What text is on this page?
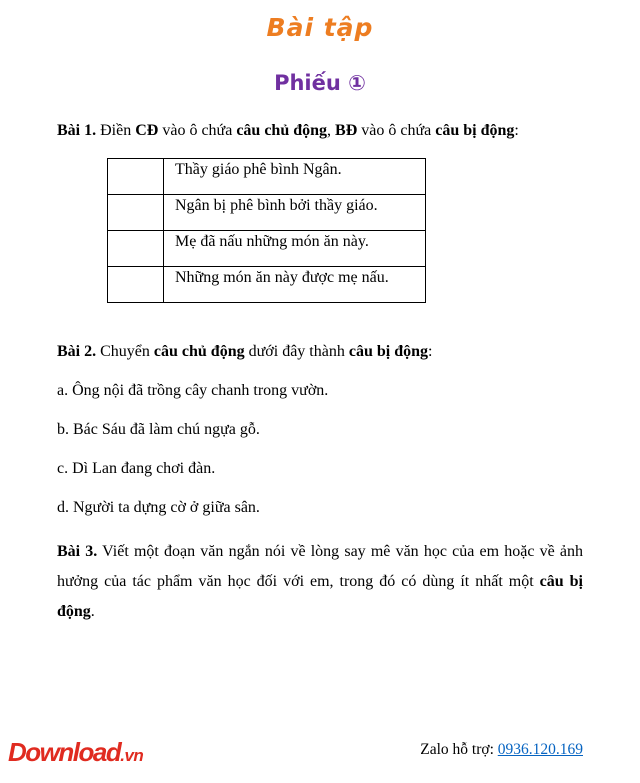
Bài tập
Phiếu ①

Bài 1. Điền CĐ vào ô chứa câu chủ động, BĐ vào ô chứa câu bị động:

	Thầy giáo phê bình Ngân.
	Ngân bị phê bình bởi thầy giáo.
	Mẹ đã nấu những món ăn này.
	Những món ăn này được mẹ nấu.

Bài 2. Chuyển câu chủ động dưới đây thành câu bị động:

a. Ông nội đã trồng cây chanh trong vườn.

b. Bác Sáu đã làm chú ngựa gỗ.

c. Dì Lan đang chơi đàn.

d. Người ta dựng cờ ở giữa sân.

Bài 3. Viết một đoạn văn ngắn nói về lòng say mê văn học của em hoặc về ảnh hưởng của tác phẩm văn học đối với em, trong đó có dùng ít nhất một câu bị động.

Download.vn	Zalo hỗ trợ: 0936.120.169
